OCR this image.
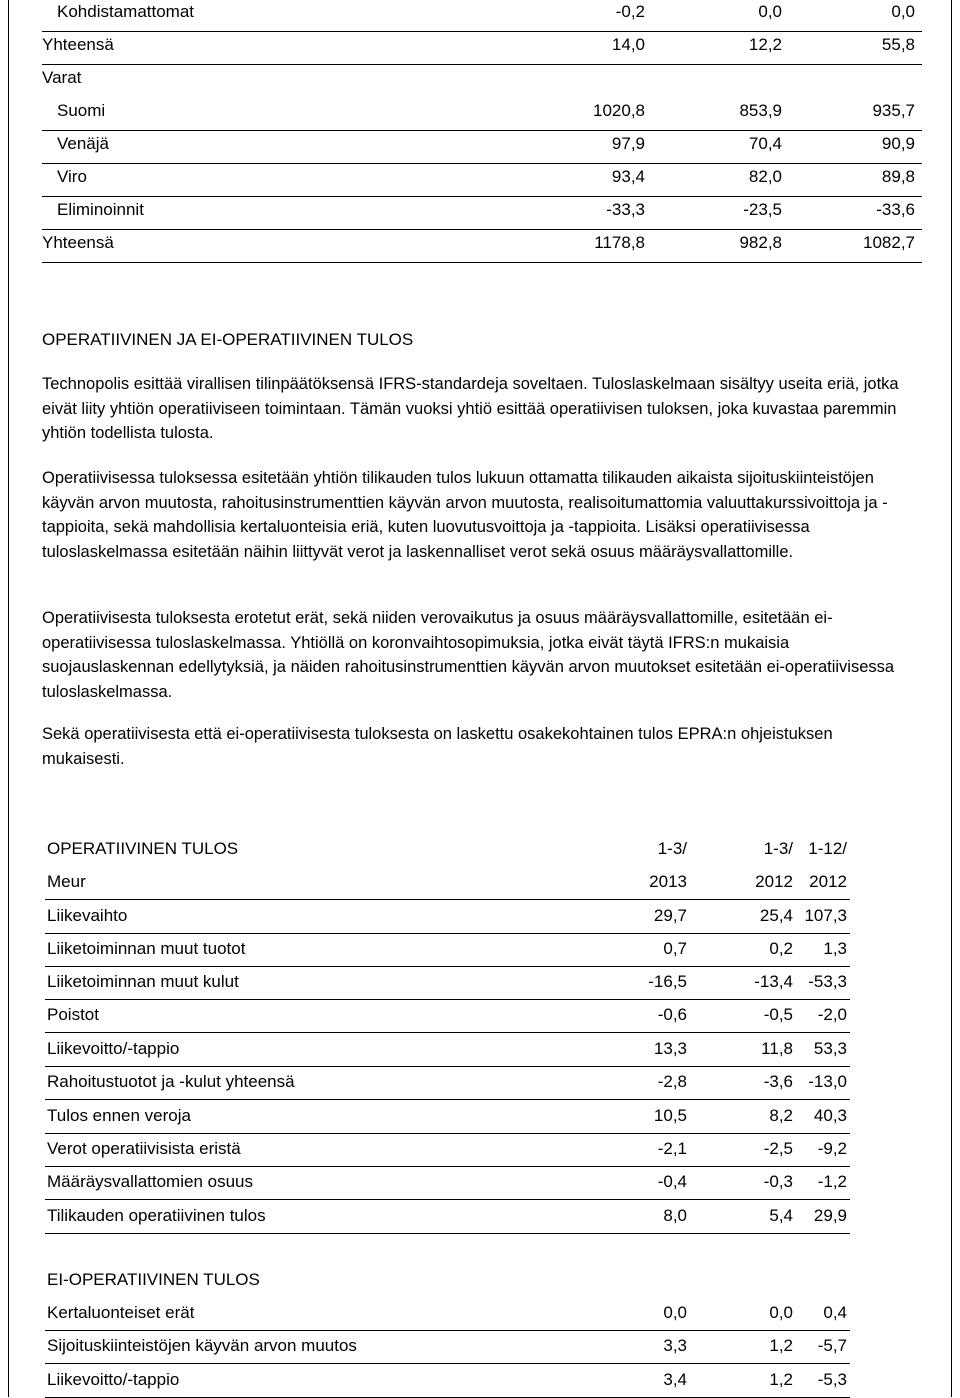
Kohdistamattomat	-0,2	0,0	0,0
Yhteensä	14,0	12,2	55,8
Varat
Suomi	1020,8	853,9	935,7
Venäjä	97,9	70,4	90,9
Viro	93,4	82,0	89,8
Eliminoinnit	-33,3	-23,5	-33,6
Yhteensä	1178,8	982,8	1082,7
OPERATIIVINEN JA EI-OPERATIIVINEN TULOS

Technopolis esittää virallisen tilinpäätöksensä IFRS-standardeja soveltaen. Tuloslaskelmaan sisältyy useita eriä, jotka eivät liity yhtiön operatiiviseen toimintaan. Tämän vuoksi yhtiö esittää operatiivisen tuloksen, joka kuvastaa paremmin yhtiön todellista tulosta.

Operatiivisessa tuloksessa esitetään yhtiön tilikauden tulos lukuun ottamatta tilikauden aikaista sijoituskiinteistöjen käyvän arvon muutosta, rahoitusinstrumenttien käyvän arvon muutosta, realisoitumattomia valuuttakurssivoittoja ja -tappioita, sekä mahdollisia kertaluonteisia eriä, kuten luovutusvoittoja ja -tappioita. Lisäksi operatiivisessa tuloslaskelmassa esitetään näihin liittyvät verot ja laskennalliset verot sekä osuus määräysvallattomille.

Operatiivisesta tuloksesta erotetut erät, sekä niiden verovaikutus ja osuus määräysvallattomille, esitetään ei-operatiivisessa tuloslaskelmassa. Yhtiöllä on koronvaihtosopimuksia, jotka eivät täytä IFRS:n mukaisia suojauslaskennan edellytyksiä, ja näiden rahoitusinstrumenttien käyvän arvon muutokset esitetään ei-operatiivisessa tuloslaskelmassa.

Sekä operatiivisesta että ei-operatiivisesta tuloksesta on laskettu osakekohtainen tulos EPRA:n ohjeistuksen mukaisesti.

OPERATIIVINEN TULOS	1-3/	1-3/ 1-12/
Meur	2013	2012 2012
Liikevaihto	29,7	25,4 107,3
Liiketoiminnan muut tuotot	0,7	0,2	1,3
Liiketoiminnan muut kulut	-16,5	-13,4 -53,3
Poistot	-0,6	-0,5	-2,0
Liikevoitto/-tappio	13,3	11,8	53,3
Rahoitustuotot ja -kulut yhteensä	-2,8	-3,6 -13,0
Tulos ennen veroja	10,5	8,2	40,3
Verot operatiivisista eristä	-2,1	-2,5	-9,2
Määräysvallattomien osuus	-0,4	-0,3	-1,2
Tilikauden operatiivinen tulos	8,0	5,4	29,9
EI-OPERATIIVINEN TULOS
Kertaluonteiset erät	0,0	0,0	0,4
Sijoituskiinteistöjen käyvän arvon muutos	3,3	1,2	-5,7
Liikevoitto/-tappio	3,4	1,2	-5,3
